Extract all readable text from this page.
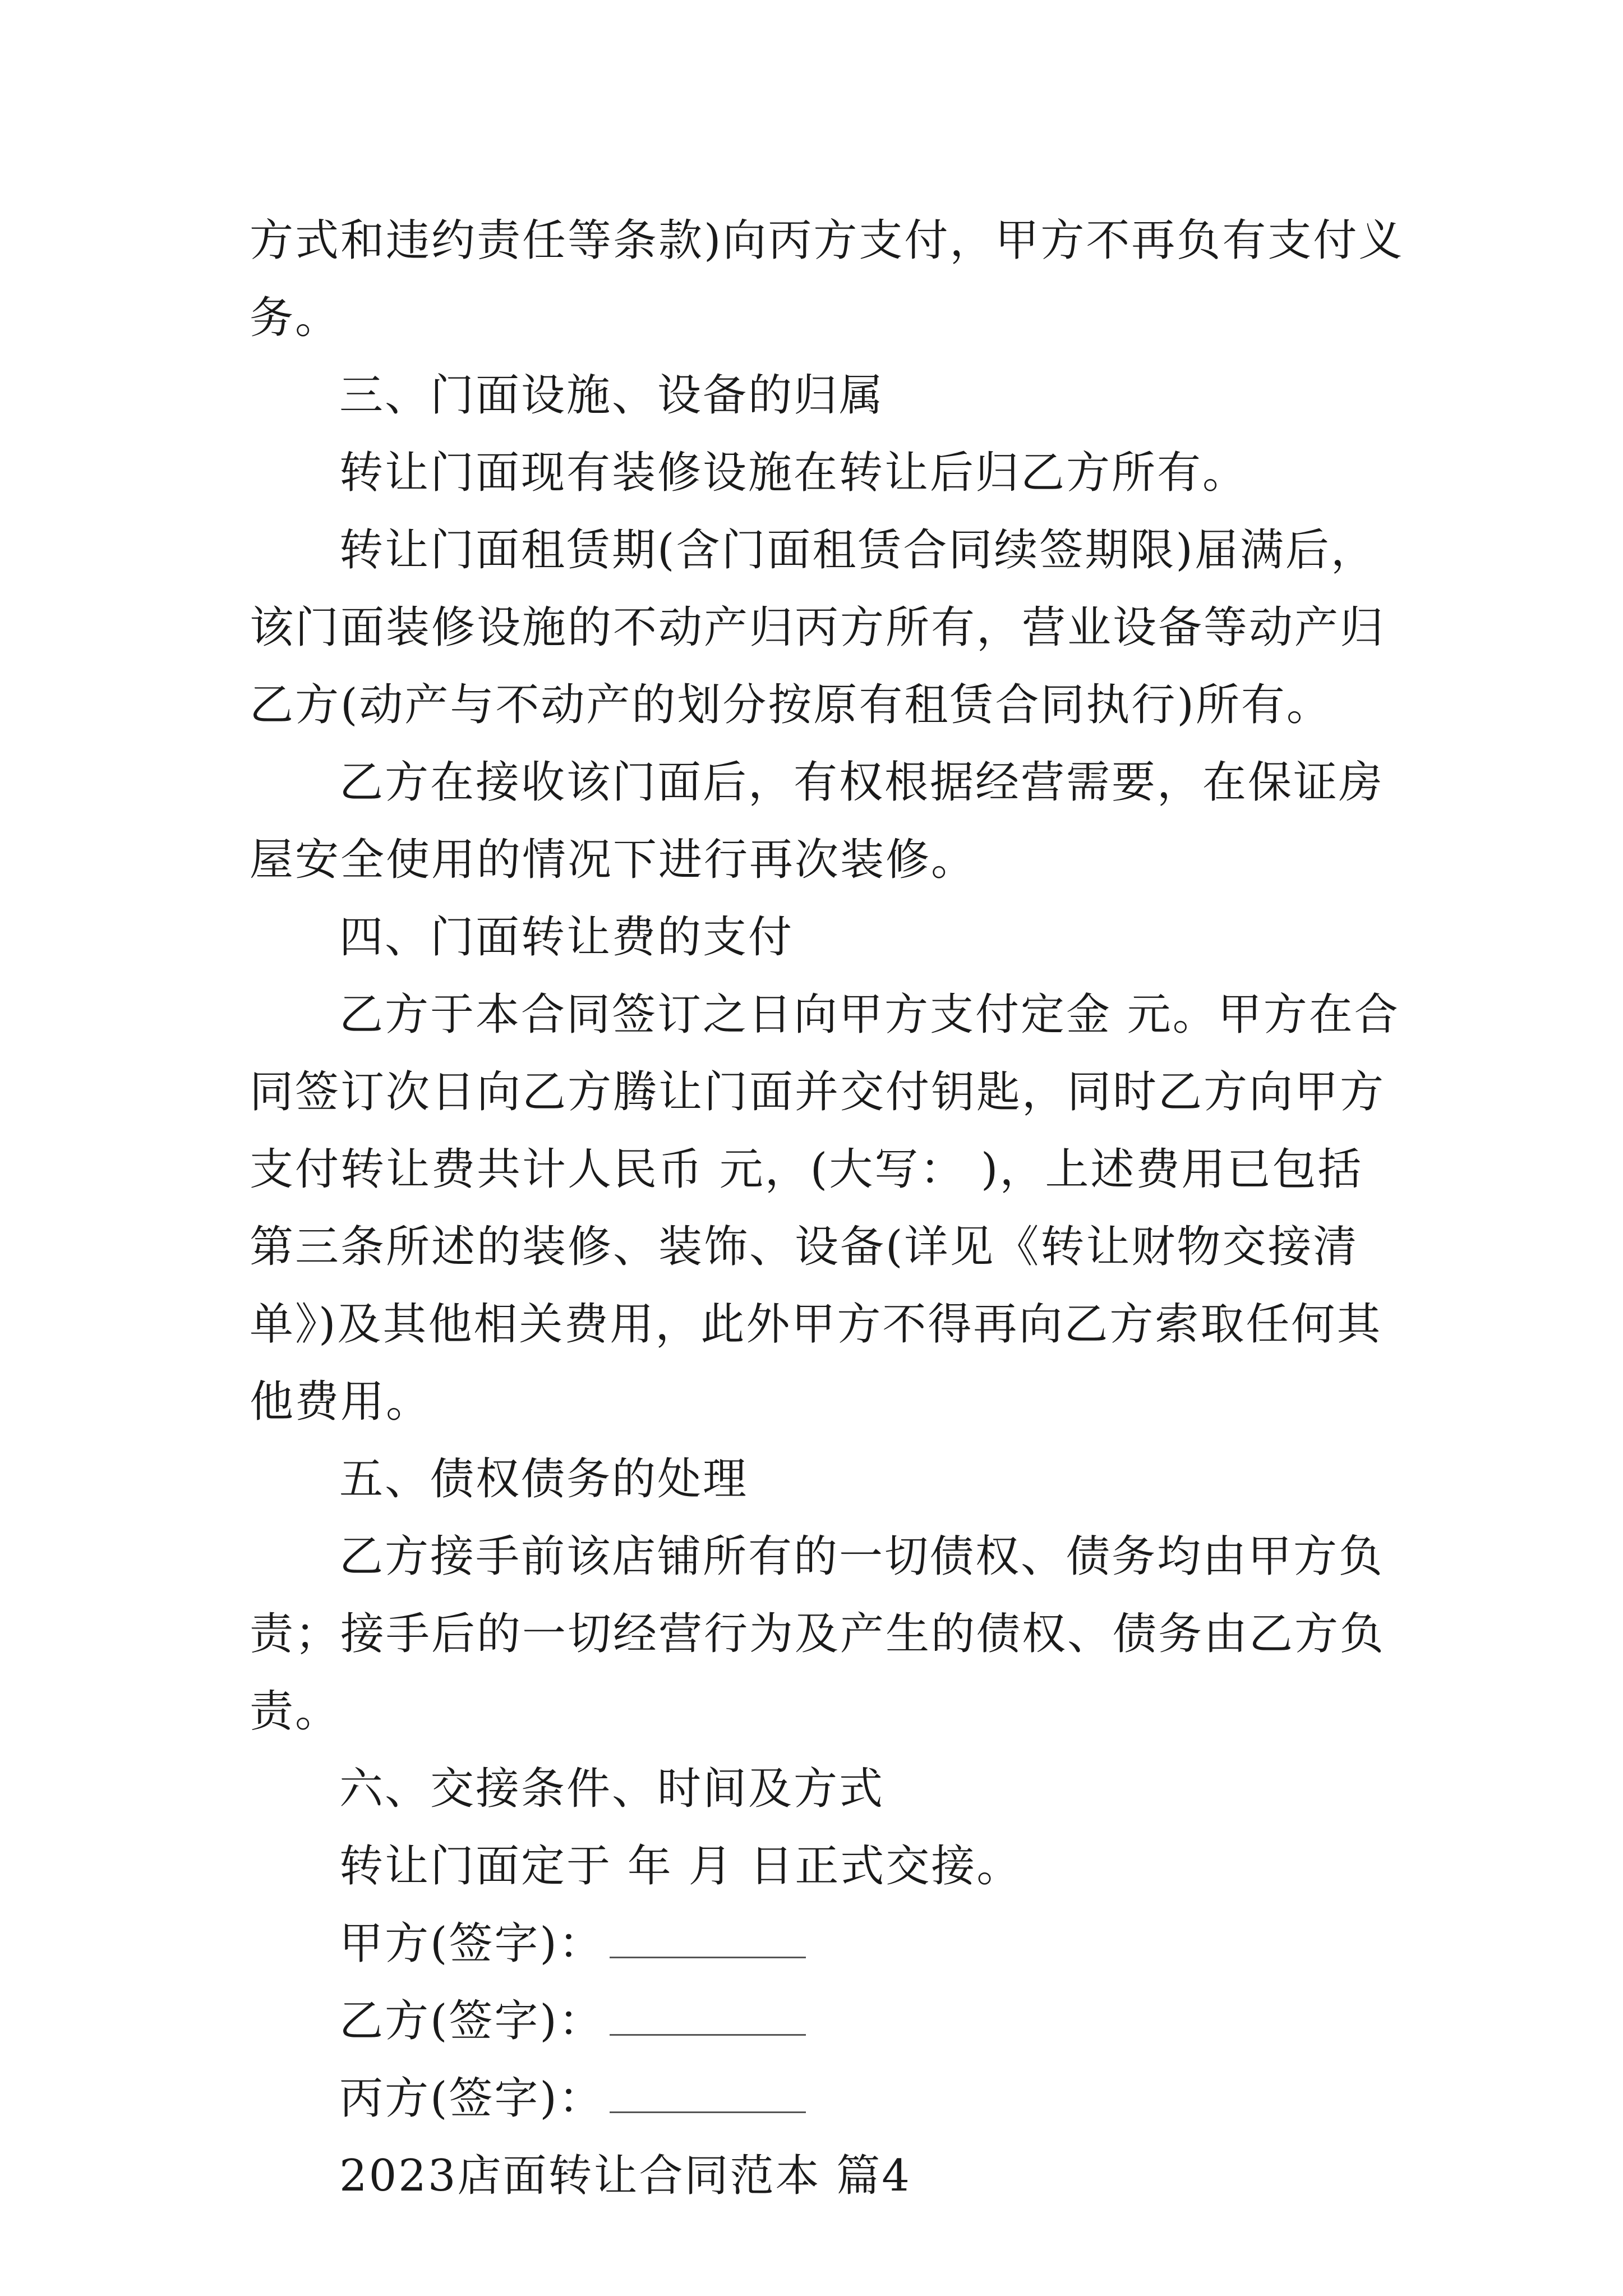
方式和违约责任等条款)向丙方支付，甲方不再负有支付义务。

三、门面设施、设备的归属

转让门面现有装修设施在转让后归乙方所有。

转让门面租赁期(含门面租赁合同续签期限)届满后，该门面装修设施的不动产归丙方所有，营业设备等动产归乙方(动产与不动产的划分按原有租赁合同执行)所有。

乙方在接收该门面后，有权根据经营需要，在保证房屋安全使用的情况下进行再次装修。

四、门面转让费的支付

乙方于本合同签订之日向甲方支付定金 元。甲方在合同签订次日向乙方腾让门面并交付钥匙，同时乙方向甲方支付转让费共计人民币 元，(大写： )，上述费用已包括第三条所述的装修、装饰、设备(详见《转让财物交接清单》)及其他相关费用，此外甲方不得再向乙方索取任何其他费用。

五、债权债务的处理

乙方接手前该店铺所有的一切债权、债务均由甲方负责；接手后的一切经营行为及产生的债权、债务由乙方负责。

六、交接条件、时间及方式

转让门面定于 年 月 日正式交接。

甲方(签字)：

乙方(签字)：

丙方(签字)：

2023店面转让合同范本 篇4
